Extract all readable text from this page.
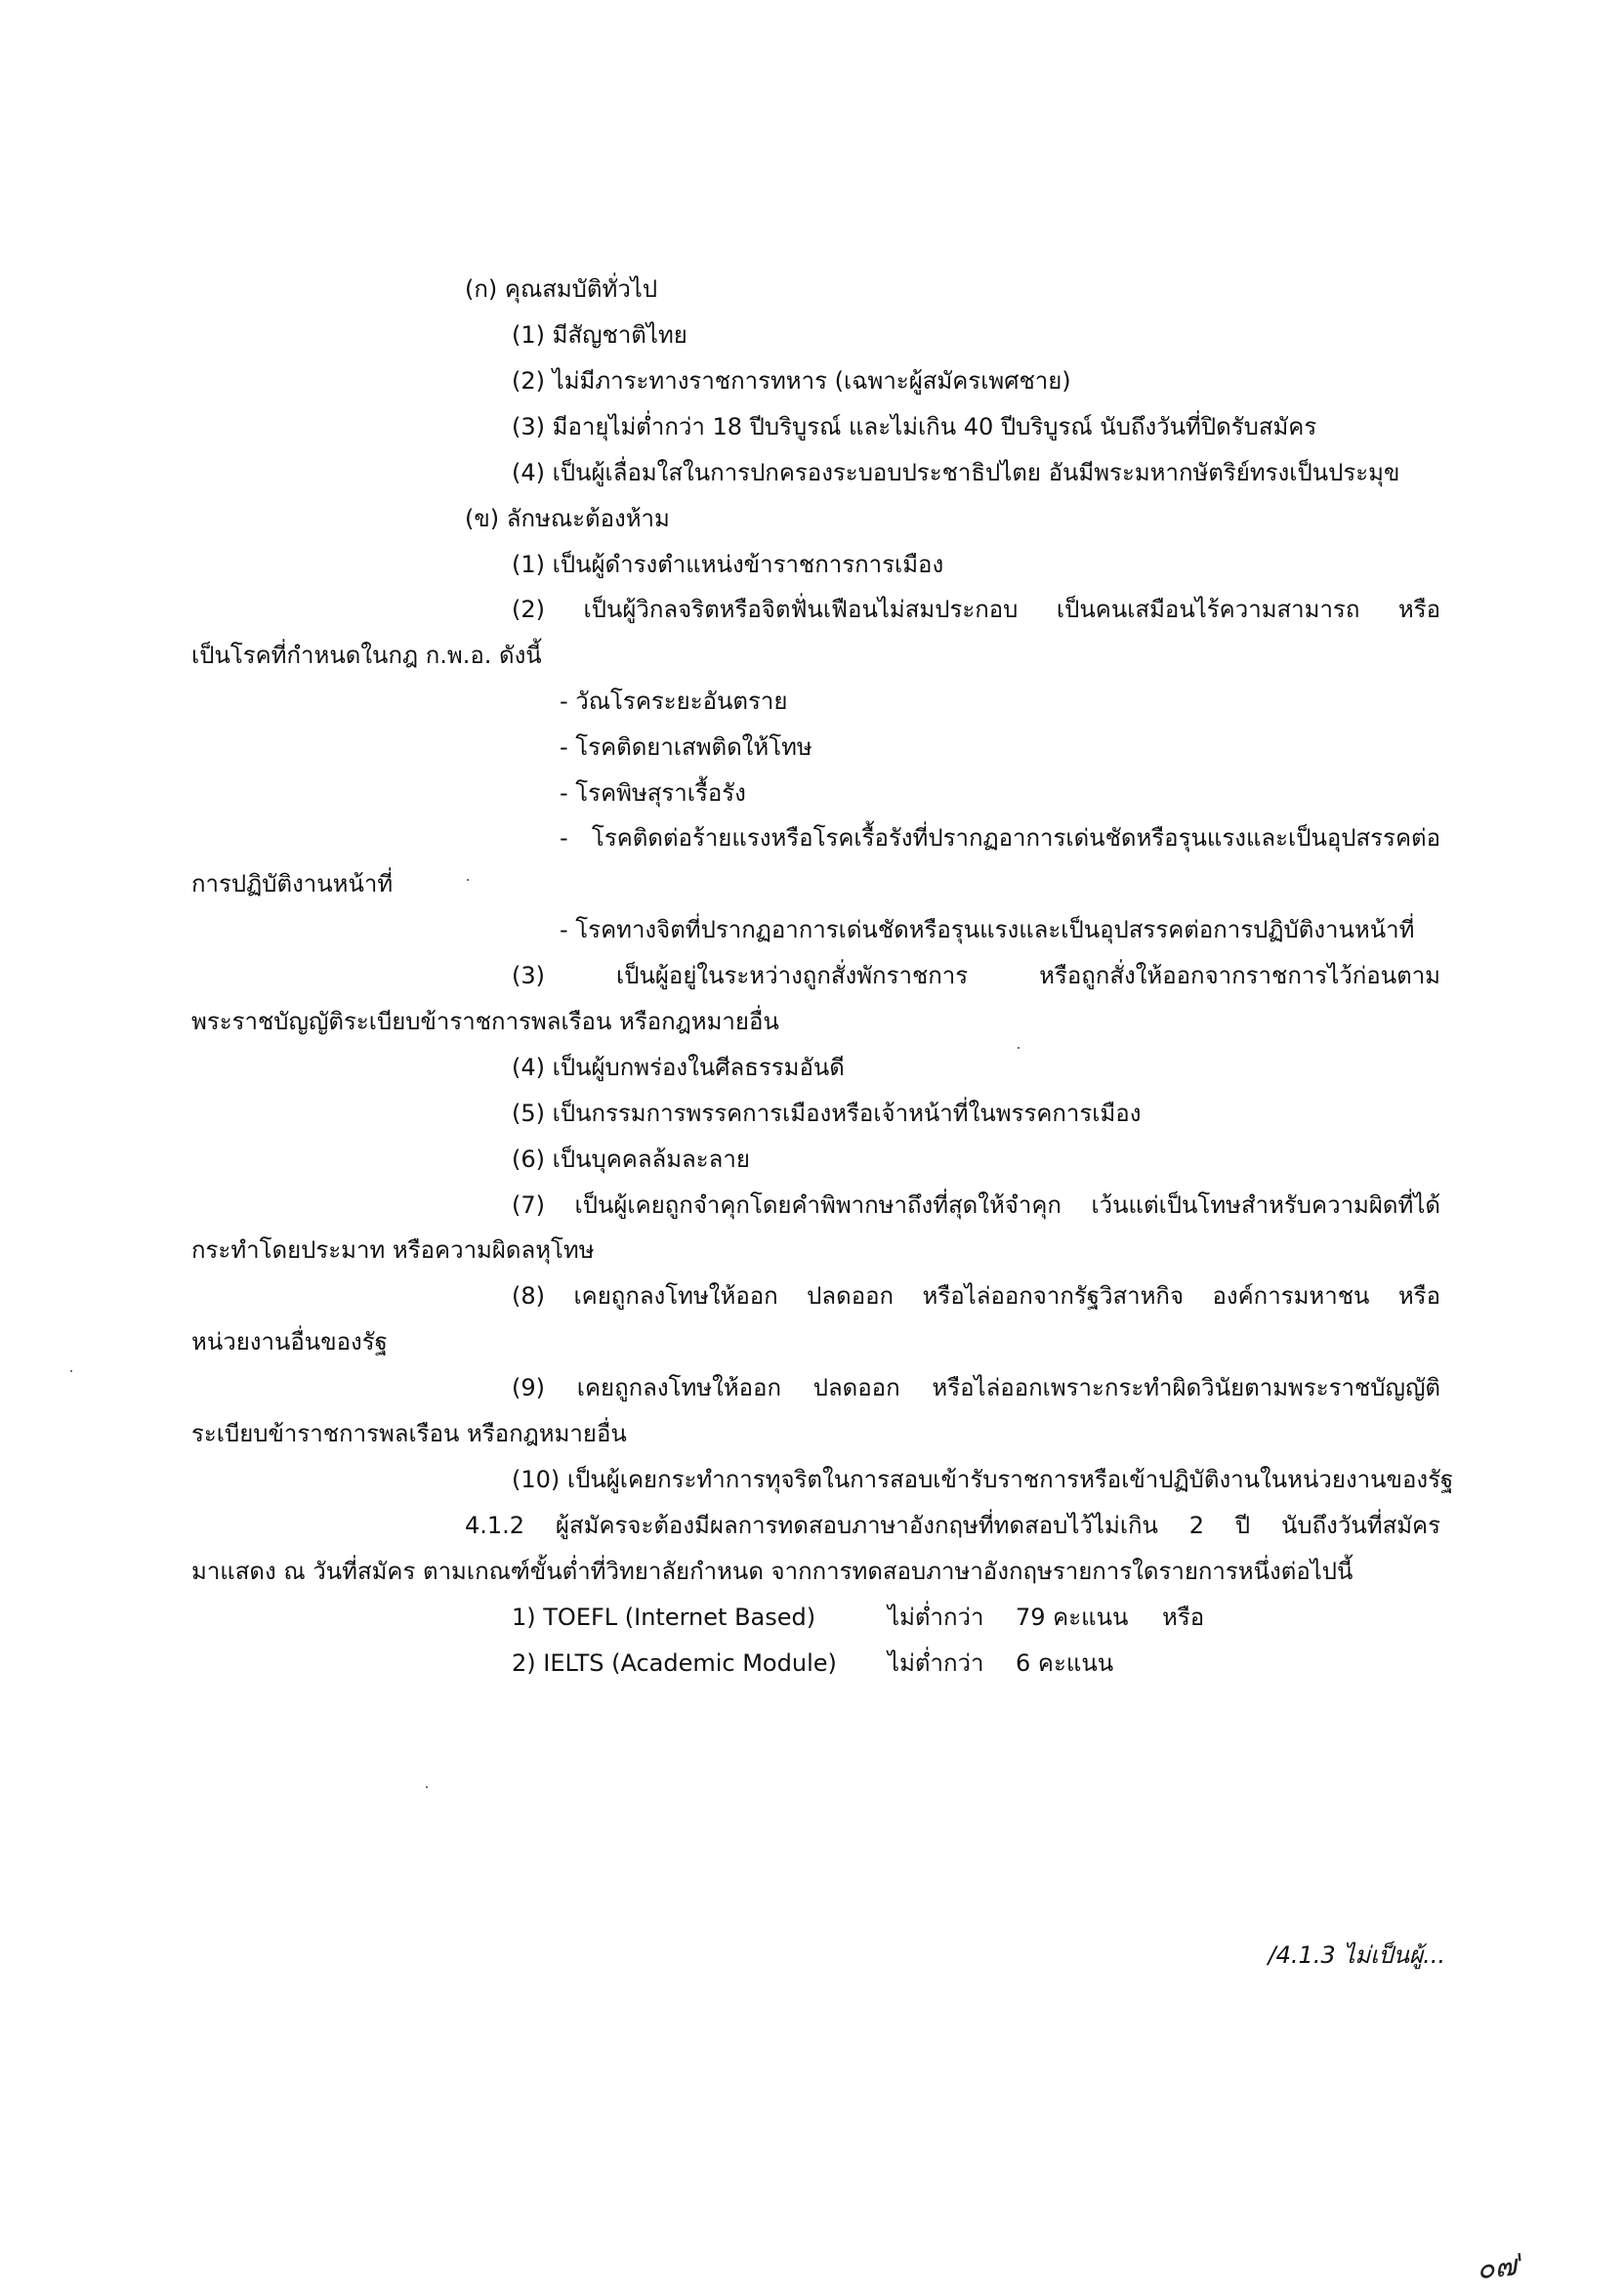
(ก) คุณสมบัติทั่วไป
(1) มีสัญชาติไทย
(2) ไม่มีภาระทางราชการทหาร (เฉพาะผู้สมัครเพศชาย)
(3) มีอายุไม่ต่ำกว่า 18 ปีบริบูรณ์ และไม่เกิน 40 ปีบริบูรณ์ นับถึงวันที่ปิดรับสมัคร
(4) เป็นผู้เลื่อมใสในการปกครองระบอบประชาธิปไตย อันมีพระมหากษัตริย์ทรงเป็นประมุข
(ข) ลักษณะต้องห้าม
(1) เป็นผู้ดำรงตำแหน่งข้าราชการการเมือง
(2) เป็นผู้วิกลจริตหรือจิตฟั่นเฟือนไม่สมประกอบ เป็นคนเสมือนไร้ความสามารถ หรือ
เป็นโรคที่กำหนดในกฎ ก.พ.อ. ดังนี้
- วัณโรคระยะอันตราย
- โรคติดยาเสพติดให้โทษ
- โรคพิษสุราเรื้อรัง
- โรคติดต่อร้ายแรงหรือโรคเรื้อรังที่ปรากฏอาการเด่นชัดหรือรุนแรงและเป็นอุปสรรคต่อ
การปฏิบัติงานหน้าที่
- โรคทางจิตที่ปรากฏอาการเด่นชัดหรือรุนแรงและเป็นอุปสรรคต่อการปฏิบัติงานหน้าที่
(3) เป็นผู้อยู่ในระหว่างถูกสั่งพักราชการ หรือถูกสั่งให้ออกจากราชการไว้ก่อนตาม
พระราชบัญญัติระเบียบข้าราชการพลเรือน หรือกฎหมายอื่น
(4) เป็นผู้บกพร่องในศีลธรรมอันดี
(5) เป็นกรรมการพรรคการเมืองหรือเจ้าหน้าที่ในพรรคการเมือง
(6) เป็นบุคคลล้มละลาย
(7) เป็นผู้เคยถูกจำคุกโดยคำพิพากษาถึงที่สุดให้จำคุก เว้นแต่เป็นโทษสำหรับความผิดที่ได้
กระทำโดยประมาท หรือความผิดลหุโทษ
(8) เคยถูกลงโทษให้ออก ปลดออก หรือไล่ออกจากรัฐวิสาหกิจ องค์การมหาชน หรือ
หน่วยงานอื่นของรัฐ
(9) เคยถูกลงโทษให้ออก ปลดออก หรือไล่ออกเพราะกระทำผิดวินัยตามพระราชบัญญัติ
ระเบียบข้าราชการพลเรือน หรือกฎหมายอื่น
(10) เป็นผู้เคยกระทำการทุจริตในการสอบเข้ารับราชการหรือเข้าปฏิบัติงานในหน่วยงานของรัฐ
4.1.2 ผู้สมัครจะต้องมีผลการทดสอบภาษาอังกฤษที่ทดสอบไว้ไม่เกิน 2 ปี นับถึงวันที่สมัคร
มาแสดง ณ วันที่สมัคร ตามเกณฑ์ขั้นต่ำที่วิทยาลัยกำหนด จากการทดสอบภาษาอังกฤษรายการใดรายการหนึ่งต่อไปนี้
1) TOEFL (Internet Based)	ไม่ต่ำกว่า 79 คะแนน หรือ
2) IELTS (Academic Module) ไม่ต่ำกว่า 6 คะแนน
/4.1.3 ไม่เป็นผู้...
๐๗'
